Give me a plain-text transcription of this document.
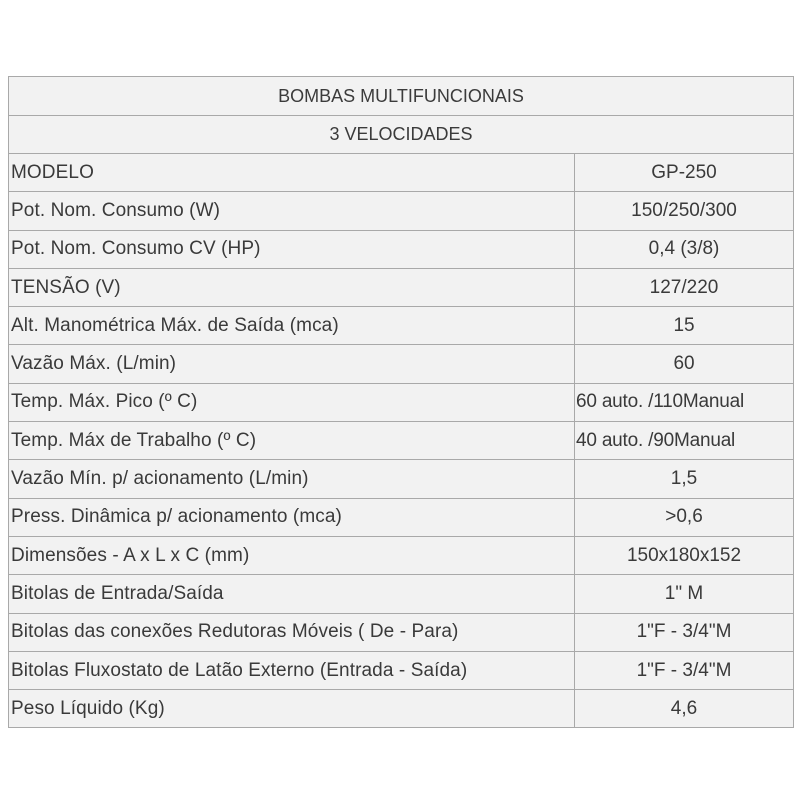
BOMBAS MULTIFUNCIONAIS	
3 VELOCIDADES	
MODELO	GP-250
Pot. Nom. Consumo (W)	150/250/300
Pot. Nom. Consumo CV (HP)	0,4 (3/8)
TENSÃO (V)	127/220
Alt. Manométrica Máx. de Saída (mca)	15
Vazão Máx. (L/min)	60
Temp. Máx. Pico (º C)	60 auto. /110Manual
Temp. Máx de Trabalho (º C)	40 auto. /90Manual
Vazão Mín. p/ acionamento (L/min)	1,5
Press. Dinâmica p/ acionamento (mca)	>0,6
Dimensões - A x L x C (mm)	150x180x152
Bitolas de Entrada/Saída	1" M
Bitolas das conexões Redutoras Móveis ( De - Para)	1"F - 3/4"M
Bitolas Fluxostato de Latão Externo (Entrada - Saída)	1"F - 3/4"M
Peso Líquido (Kg)	4,6
